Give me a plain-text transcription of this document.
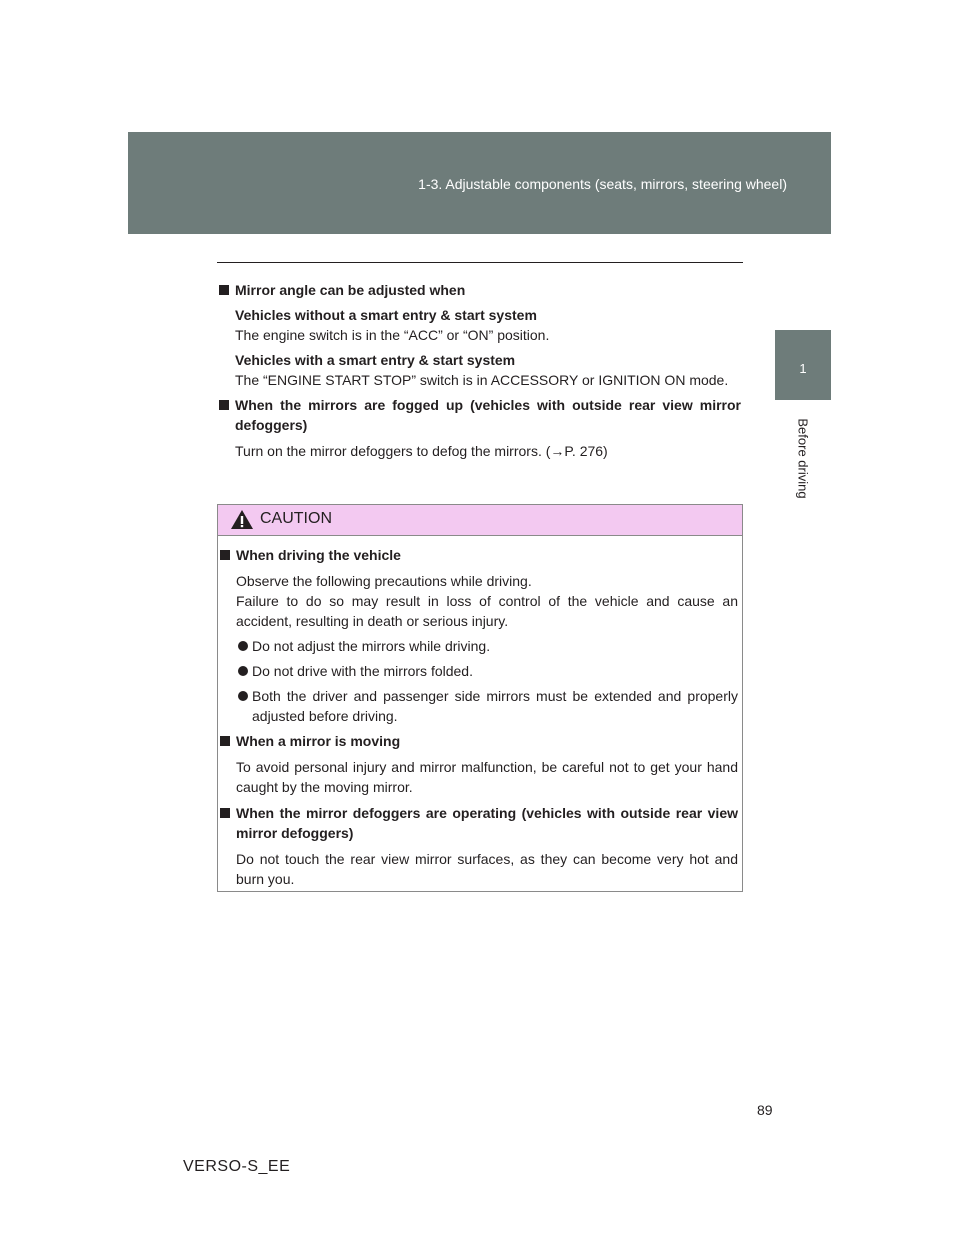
1-3. Adjustable components (seats, mirrors, steering wheel)
1
Before driving

Mirror angle can be adjusted when

Vehicles without a smart entry & start system
The engine switch is in the “ACC” or “ON” position.
Vehicles with a smart entry & start system
The “ENGINE START STOP” switch is in ACCESSORY or IGNITION ON mode.

When the mirrors are fogged up (vehicles with outside rear view mirror defoggers)

Turn on the mirror defoggers to defog the mirrors. (→P. 276)
CAUTION

When driving the vehicle

Observe the following precautions while driving.
Failure to do so may result in loss of control of the vehicle and cause an accident, resulting in death or serious injury.

Do not adjust the mirrors while driving.

Do not drive with the mirrors folded.

Both the driver and passenger side mirrors must be extended and properly adjusted before driving.

When a mirror is moving

To avoid personal injury and mirror malfunction, be careful not to get your hand caught by the moving mirror.

When the mirror defoggers are operating (vehicles with outside rear view mirror defoggers)

Do not touch the rear view mirror surfaces, as they can become very hot and burn you.
89
VERSO-S_EE
